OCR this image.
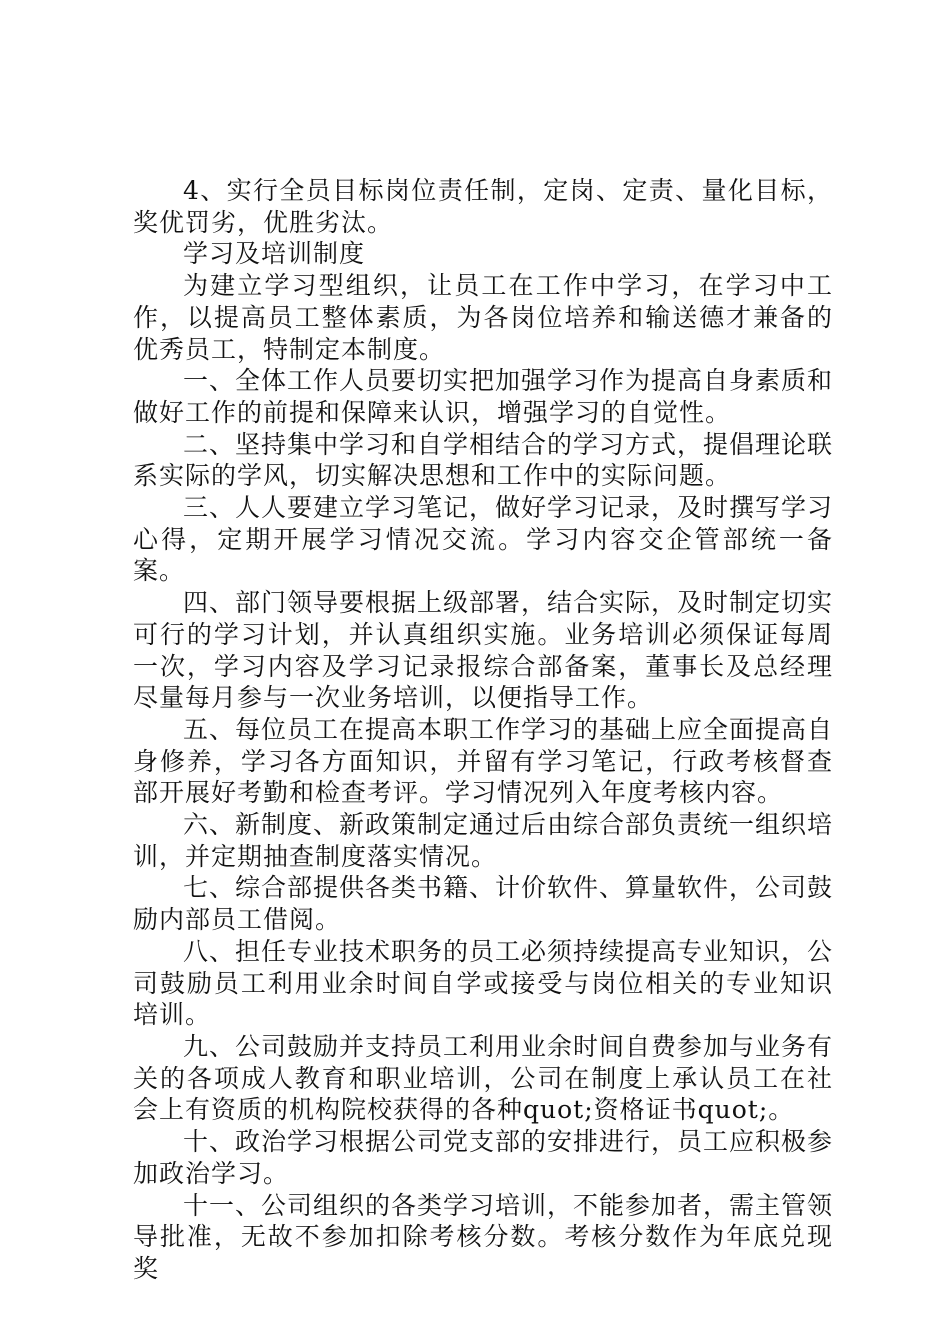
4、实行全员目标岗位责任制，定岗、定责、量化目标，奖优罚劣，优胜劣汰。

学习及培训制度

为建立学习型组织，让员工在工作中学习，在学习中工作，以提高员工整体素质，为各岗位培养和输送德才兼备的优秀员工，特制定本制度。

一、全体工作人员要切实把加强学习作为提高自身素质和做好工作的前提和保障来认识，增强学习的自觉性。

二、坚持集中学习和自学相结合的学习方式，提倡理论联系实际的学风，切实解决思想和工作中的实际问题。

三、人人要建立学习笔记，做好学习记录，及时撰写学习心得，定期开展学习情况交流。学习内容交企管部统一备案。

四、部门领导要根据上级部署，结合实际，及时制定切实可行的学习计划，并认真组织实施。业务培训必须保证每周一次，学习内容及学习记录报综合部备案，董事长及总经理尽量每月参与一次业务培训，以便指导工作。

五、每位员工在提高本职工作学习的基础上应全面提高自身修养，学习各方面知识，并留有学习笔记，行政考核督查部开展好考勤和检查考评。学习情况列入年度考核内容。

六、新制度、新政策制定通过后由综合部负责统一组织培训，并定期抽查制度落实情况。

七、综合部提供各类书籍、计价软件、算量软件，公司鼓励内部员工借阅。

八、担任专业技术职务的员工必须持续提高专业知识，公司鼓励员工利用业余时间自学或接受与岗位相关的专业知识培训。

九、公司鼓励并支持员工利用业余时间自费参加与业务有关的各项成人教育和职业培训，公司在制度上承认员工在社会上有资质的机构院校获得的各种quot;资格证书quot;。

十、政治学习根据公司党支部的安排进行，员工应积极参加政治学习。

十一、公司组织的各类学习培训，不能参加者，需主管领导批准，无故不参加扣除考核分数。考核分数作为年底兑现奖
